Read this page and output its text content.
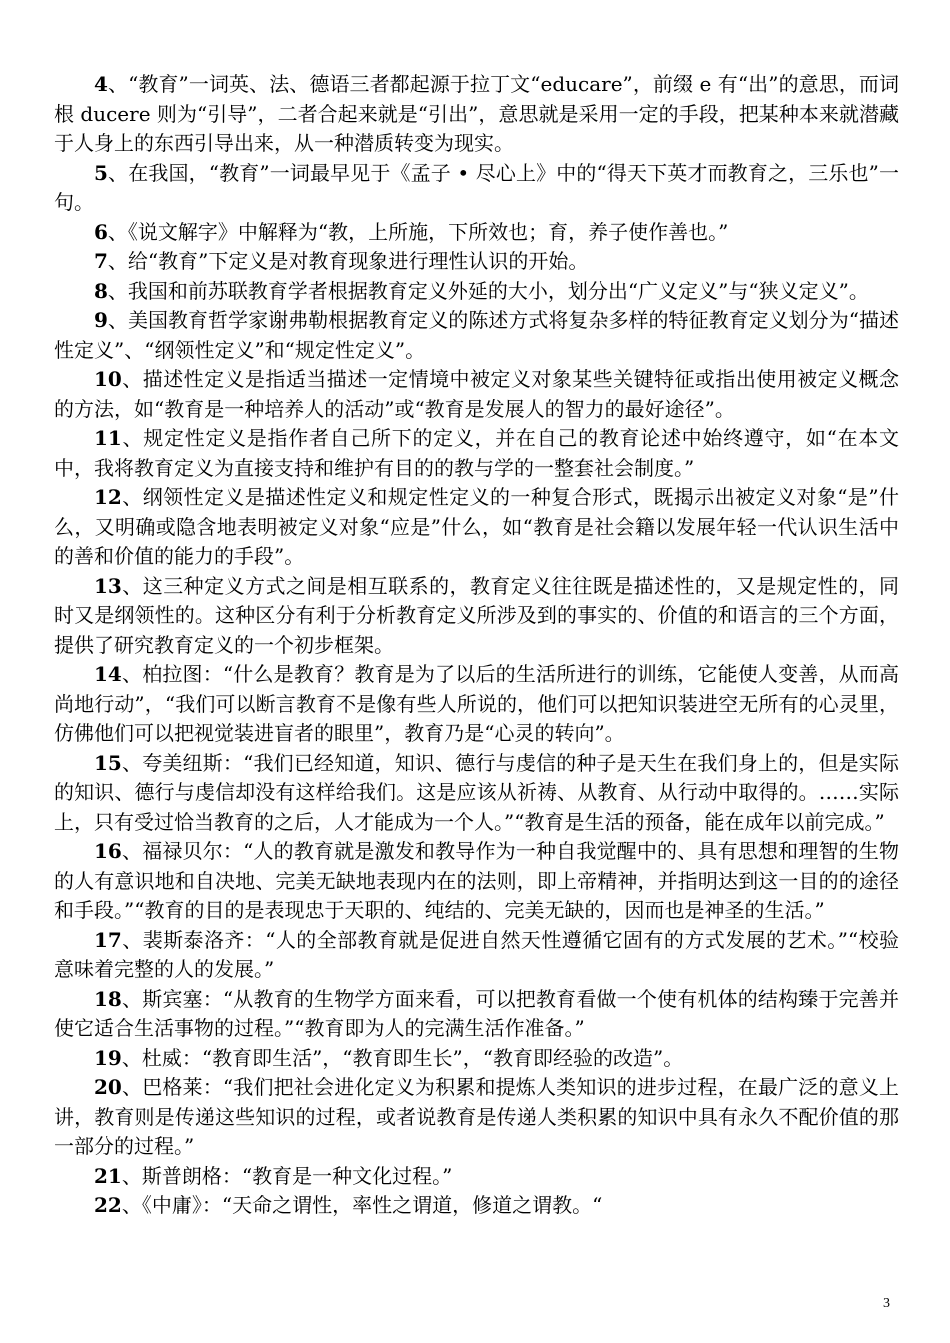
4、“教育”一词英、法、德语三者都起源于拉丁文“educare”，前缀 e 有“出”的意思，而词根 ducere 则为“引导”，二者合起来就是“引出”，意思就是采用一定的手段，把某种本来就潜藏于人身上的东西引导出来，从一种潜质转变为现实。

5、在我国，“教育”一词最早见于《孟子 • 尽心上》中的“得天下英才而教育之，三乐也”一句。

6、《说文解字》中解释为“教，上所施，下所效也；育，养子使作善也。”

7、给“教育”下定义是对教育现象进行理性认识的开始。

8、我国和前苏联教育学者根据教育定义外延的大小，划分出“广义定义”与“狭义定义”。

9、美国教育哲学家谢弗勒根据教育定义的陈述方式将复杂多样的特征教育定义划分为“描述性定义”、“纲领性定义”和“规定性定义”。

10、描述性定义是指适当描述一定情境中被定义对象某些关键特征或指出使用被定义概念的方法，如“教育是一种培养人的活动”或“教育是发展人的智力的最好途径”。

11、规定性定义是指作者自己所下的定义，并在自己的教育论述中始终遵守，如“在本文中，我将教育定义为直接支持和维护有目的的教与学的一整套社会制度。”

12、纲领性定义是描述性定义和规定性定义的一种复合形式，既揭示出被定义对象“是”什么，又明确或隐含地表明被定义对象“应是”什么，如“教育是社会籍以发展年轻一代认识生活中的善和价值的能力的手段”。

13、这三种定义方式之间是相互联系的，教育定义往往既是描述性的，又是规定性的，同时又是纲领性的。这种区分有利于分析教育定义所涉及到的事实的、价值的和语言的三个方面，提供了研究教育定义的一个初步框架。

14、柏拉图：“什么是教育？教育是为了以后的生活所进行的训练，它能使人变善，从而高尚地行动”，“我们可以断言教育不是像有些人所说的，他们可以把知识装进空无所有的心灵里，仿佛他们可以把视觉装进盲者的眼里”，教育乃是“心灵的转向”。

15、夸美纽斯：“我们已经知道，知识、德行与虔信的种子是天生在我们身上的，但是实际的知识、德行与虔信却没有这样给我们。这是应该从祈祷、从教育、从行动中取得的。……实际上，只有受过恰当教育的之后，人才能成为一个人。”“教育是生活的预备，能在成年以前完成。”

16、福禄贝尔：“人的教育就是激发和教导作为一种自我觉醒中的、具有思想和理智的生物的人有意识地和自决地、完美无缺地表现内在的法则，即上帝精神，并指明达到这一目的的途径和手段。”“教育的目的是表现忠于天职的、纯结的、完美无缺的，因而也是神圣的生活。”

17、裴斯泰洛齐：“人的全部教育就是促进自然天性遵循它固有的方式发展的艺术。”“校验意味着完整的人的发展。”

18、斯宾塞：“从教育的生物学方面来看，可以把教育看做一个使有机体的结构臻于完善并使它适合生活事物的过程。”“教育即为人的完满生活作准备。”

19、杜威：“教育即生活”，“教育即生长”，“教育即经验的改造”。

20、巴格莱：“我们把社会进化定义为积累和提炼人类知识的进步过程，在最广泛的意义上讲，教育则是传递这些知识的过程，或者说教育是传递人类积累的知识中具有永久不配价值的那一部分的过程。”

21、斯普朗格：“教育是一种文化过程。”

22、《中庸》：“天命之谓性，率性之谓道，修道之谓教。“

3
